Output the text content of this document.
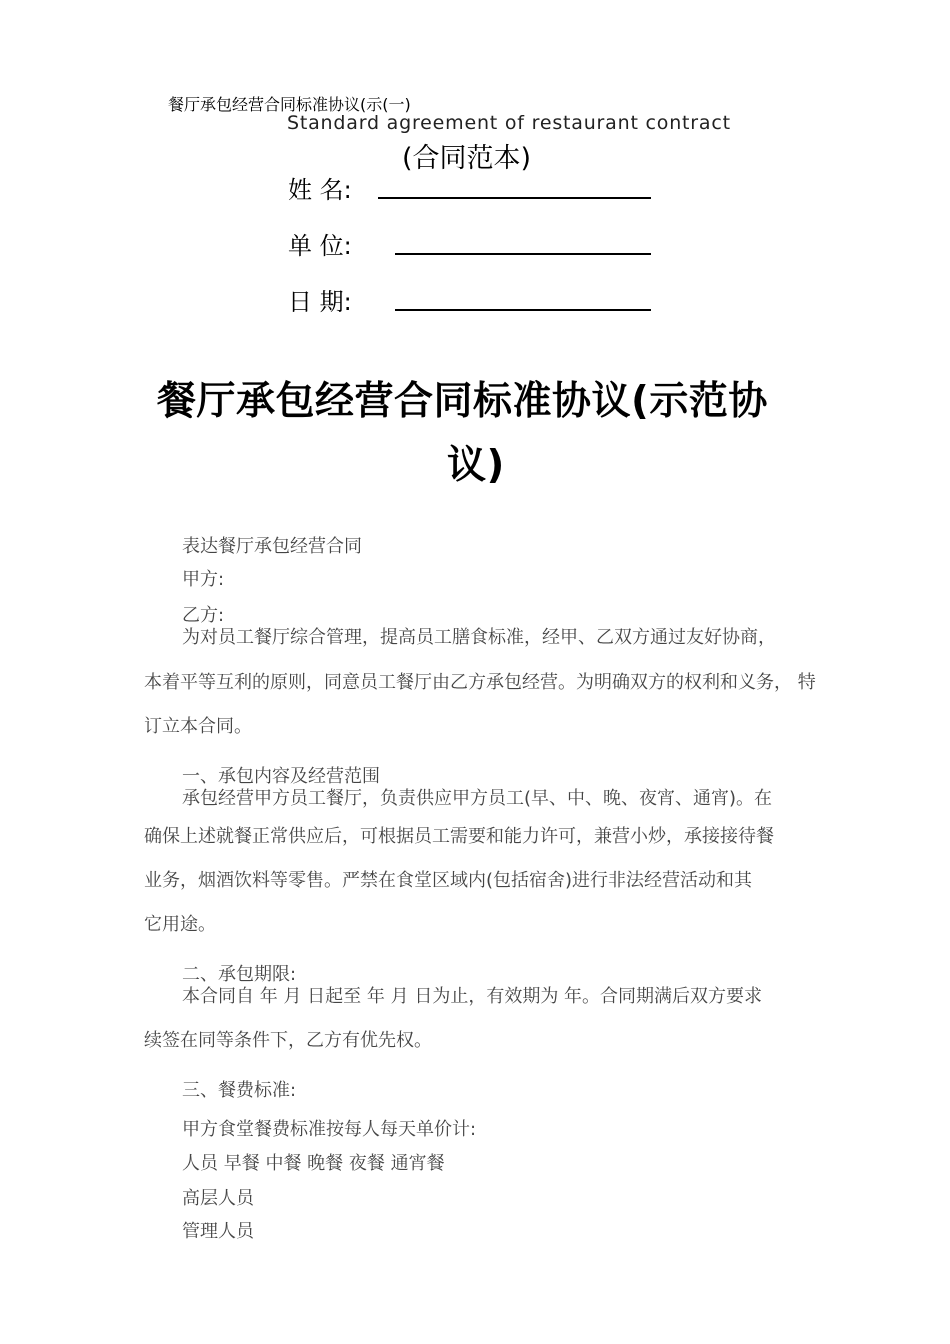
餐厅承包经营合同标准协议(示(一)
Standard agreement of restaurant contract
(合同范本)
姓 名:
单 位:
日 期:
餐厅承包经营合同标准协议(示范协
议)
表达餐厅承包经营合同
甲方:
乙方:
为对员工餐厅综合管理，提高员工膳食标准，经甲、乙双方通过友好协商，
本着平等互利的原则，同意员工餐厅由乙方承包经营。为明确双方的权利和义务， 特
订立本合同。
一、承包内容及经营范围
承包经营甲方员工餐厅，负责供应甲方员工(早、中、晚、夜宵、通宵)。在
确保上述就餐正常供应后，可根据员工需要和能力许可，兼营小炒，承接接待餐
业务，烟酒饮料等零售。严禁在食堂区域内(包括宿舍)进行非法经营活动和其
它用途。
二、承包期限:
本合同自 年 月 日起至 年 月 日为止，有效期为 年。合同期满后双方要求
续签在同等条件下，乙方有优先权。
三、餐费标准:
甲方食堂餐费标准按每人每天单价计:
人员 早餐 中餐 晚餐 夜餐 通宵餐
高层人员
管理人员
